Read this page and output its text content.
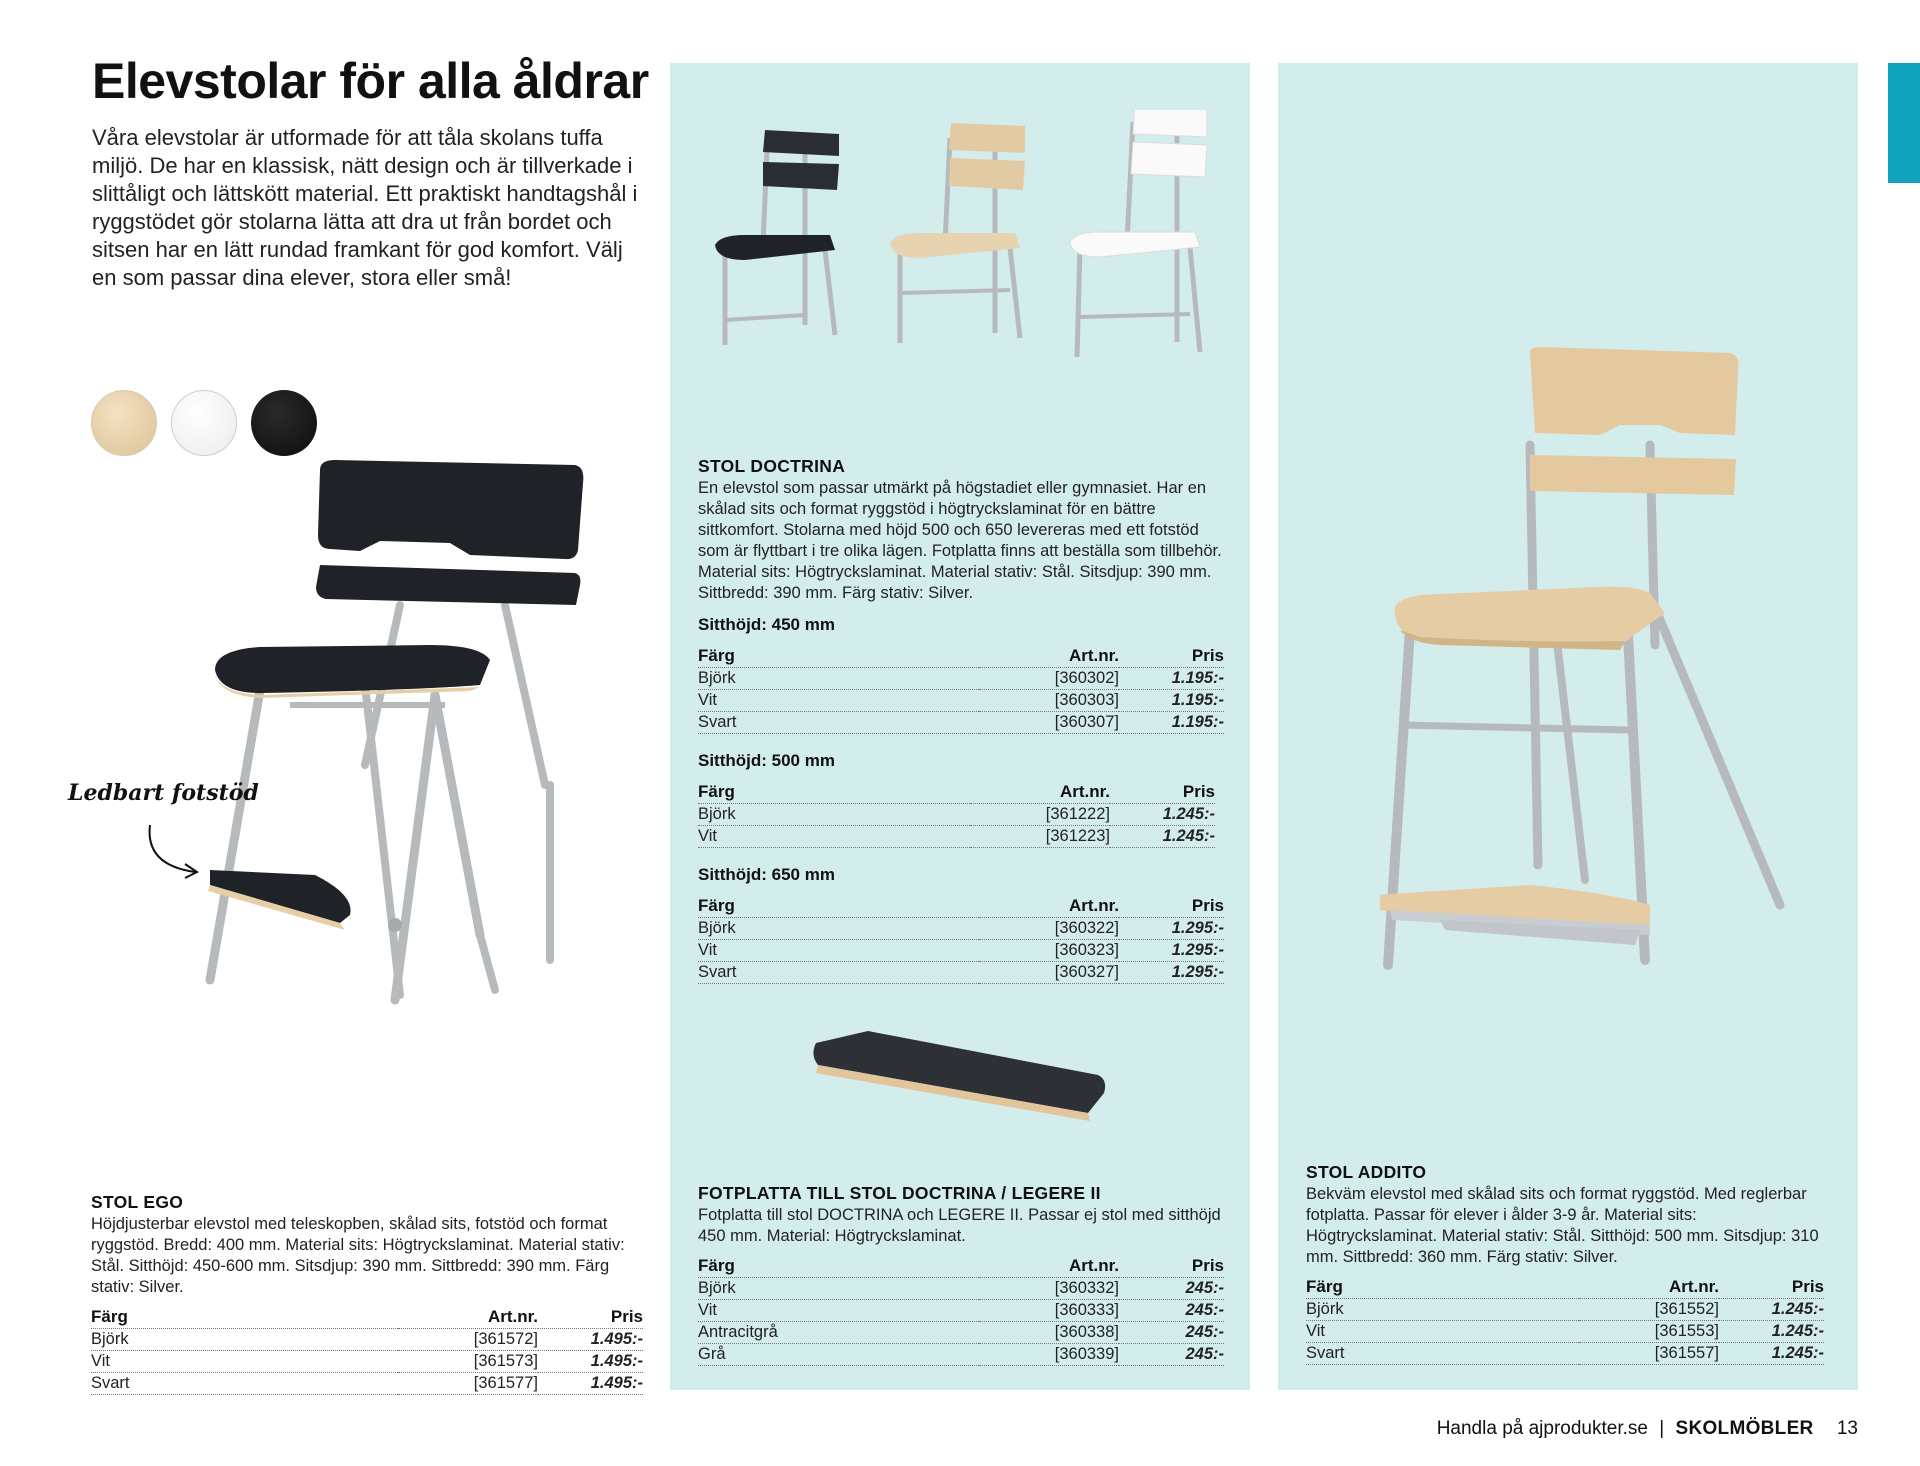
Elevstolar för alla åldrar

Våra elevstolar är utformade för att tåla skolans tuffa miljö. De har en klassisk, nätt design och är tillverkade i slittåligt och lättskött material. Ett praktiskt handtagshål i ryggstödet gör stolarna lätta att dra ut från bordet och sitsen har en lätt rundad framkant för god komfort. Välj en som passar dina elever, stora eller små!

Ledbart fotstöd
STOL EGO
Höjdjusterbar elevstol med teleskopben, skålad sits, fotstöd och format ryggstöd. Bredd: 400 mm. Material sits: Högtryckslaminat. Material stativ: Stål. Sitthöjd: 450-600 mm. Sitsdjup: 390 mm. Sittbredd: 390 mm. Färg stativ: Silver.
Färg	Art.nr.	Pris
Björk	[361572]	1.495:-
Vit	[361573]	1.495:-
Svart	[361577]	1.495:-
STOL DOCTRINA
En elevstol som passar utmärkt på högstadiet eller gymnasiet. Har en skålad sits och format ryggstöd i högtryckslaminat för en bättre sittkomfort. Stolarna med höjd 500 och 650 levereras med ett fotstöd som är flyttbart i tre olika lägen. Fotplatta finns att beställa som tillbehör. Material sits: Högtryckslaminat. Material stativ: Stål. Sitsdjup: 390 mm. Sittbredd: 390 mm. Färg stativ: Silver.
Sitthöjd: 450 mm
Färg	Art.nr.	Pris
Björk	[360302]	1.195:-
Vit	[360303]	1.195:-
Svart	[360307]	1.195:-
Sitthöjd: 500 mm
Färg	Art.nr.	Pris
Björk	[361222]	1.245:-
Vit	[361223]	1.245:-
Sitthöjd: 650 mm
Färg	Art.nr.	Pris
Björk	[360322]	1.295:-
Vit	[360323]	1.295:-
Svart	[360327]	1.295:-
FOTPLATTA TILL STOL DOCTRINA / LEGERE II
Fotplatta till stol DOCTRINA och LEGERE II. Passar ej stol med sitthöjd 450 mm. Material: Högtryckslaminat.
Färg	Art.nr.	Pris
Björk	[360332]	245:-
Vit	[360333]	245:-
Antracitgrå	[360338]	245:-
Grå	[360339]	245:-
STOL ADDITO
Bekväm elevstol med skålad sits och format ryggstöd. Med reglerbar fotplatta. Passar för elever i ålder 3-9 år. Material sits: Högtryckslaminat. Material stativ: Stål. Sitthöjd: 500 mm. Sitsdjup: 310 mm. Sittbredd: 360 mm. Färg stativ: Silver.
Färg	Art.nr.	Pris
Björk	[361552]	1.245:-
Vit	[361553]	1.245:-
Svart	[361557]	1.245:-
Handla på ajprodukter.se | SKOLMÖBLER 13
